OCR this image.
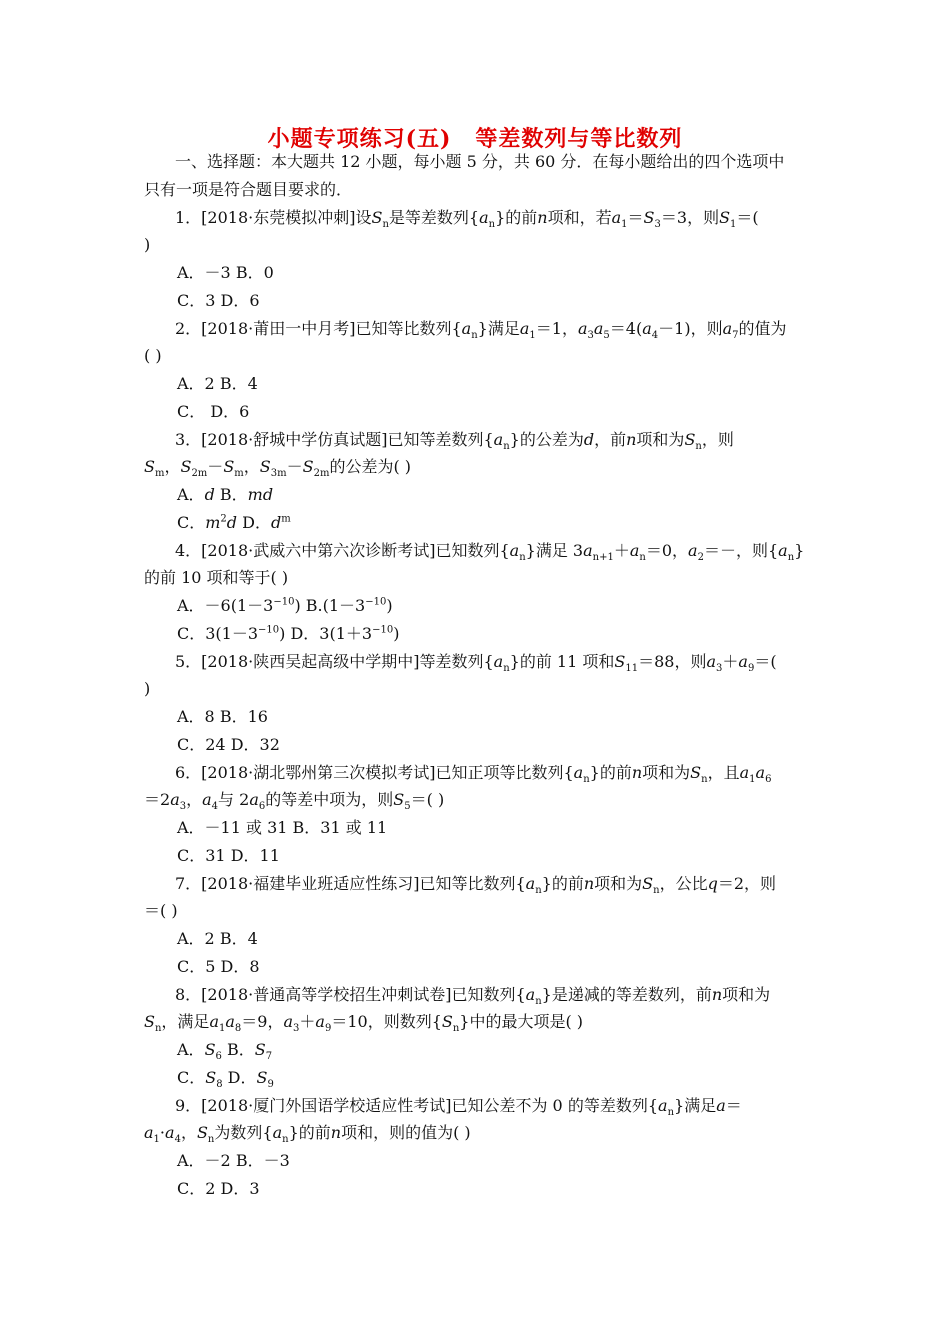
小题专项练习(五) 等差数列与等比数列
一、选择题：本大题共 12 小题，每小题 5 分，共 60 分．在每小题给出的四个选项中
只有一项是符合题目要求的．
1．[2018·东莞模拟冲刺]设$S_n$是等差数列$\{a_n\}$的前n项和，若$a_1=S_3=3$，则$S_1=$(
)
A．－3 B．0
C．3 D．6
2．[2018·莆田一中月考]已知等比数列$\{a_n\}$满足$a_1=1$，$a_3a_5=4(a_4-1)$，则$a_7$的值为
( )
A．2 B．4
C． D．6
3．[2018·舒城中学仿真试题]已知等差数列$\{a_n\}$的公差为d，前n项和为$S_n$，则
$S_m$，$S_{2m}-S_m$，$S_{3m}-S_{2m}$的公差为( )
A．d B．md
C．$m^2d$ D．$d^m$
4．[2018·武威六中第六次诊断考试]已知数列$\{a_n\}$满足 $3a_{n+1}+a_n=0$，$a_2=-$，则$\{a_n\}$
的前 10 项和等于( )
A．$-6(1-3^{-10})$ $B.(1-3^{-10})$
C．$3(1-3^{-10})$ D．$3(1+3^{-10})$
5．[2018·陕西吴起高级中学期中]等差数列$\{a_n\}$的前 11 项和$S_{11}=88$，则$a_3+a_9=$(
)
A．8 B．16
C．24 D．32
6．[2018·湖北鄂州第三次模拟考试]已知正项等比数列$\{a_n\}$的前n项和为$S_n$，且$a_1a_6$
$=2a_3$，$a_4$与 $2a_6$的等差中项为，则$S_5=$( )
A．－11 或 31 B．31 或 11
C．31 D．11
7．[2018·福建毕业班适应性练习]已知等比数列$\{a_n\}$的前n项和为$S_n$，公比q＝2，则
＝( )
A．2 B．4
C．5 D．8
8．[2018·普通高等学校招生冲刺试卷]已知数列$\{a_n\}$是递减的等差数列，前n项和为
$S_n$，满足$a_1a_8=9$，$a_3+a_9=10$，则数列$\{S_n\}$中的最大项是( )
A．$S_6$ B．$S_7$
C．$S_8$ D．$S_9$
9．[2018·厦门外国语学校适应性考试]已知公差不为 0 的等差数列$\{a_n\}$满足a＝
$a_1\cdot a_4$，$S_n$为数列$\{a_n\}$的前n项和，则的值为( )
A．－2 B．－3
C．2 D．3
